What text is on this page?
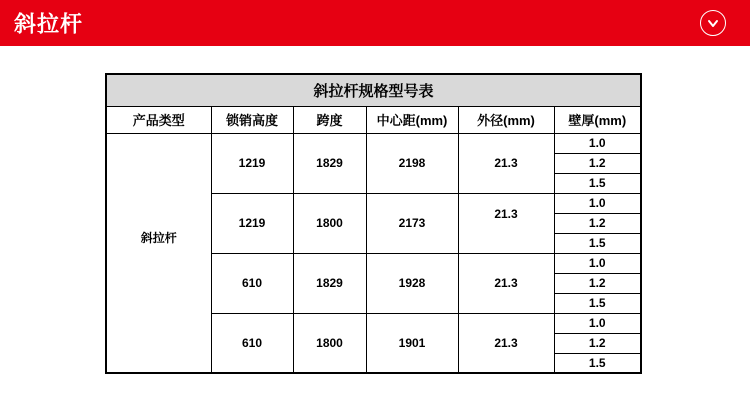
斜拉杆
斜拉杆规格型号表					
产品类型	锁销高度	跨度	中心距(mm)	外径(mm)	壁厚(mm)

斜拉杆	1219	1829	2198	21.3	1.0
					1.2
					1.5
	1219	1800	2173	21.3	1.0
					1.2
					1.5
	610	1829	1928	21.3	1.0
					1.2
					1.5
	610	1800	1901	21.3	1.0
					1.2
					1.5
